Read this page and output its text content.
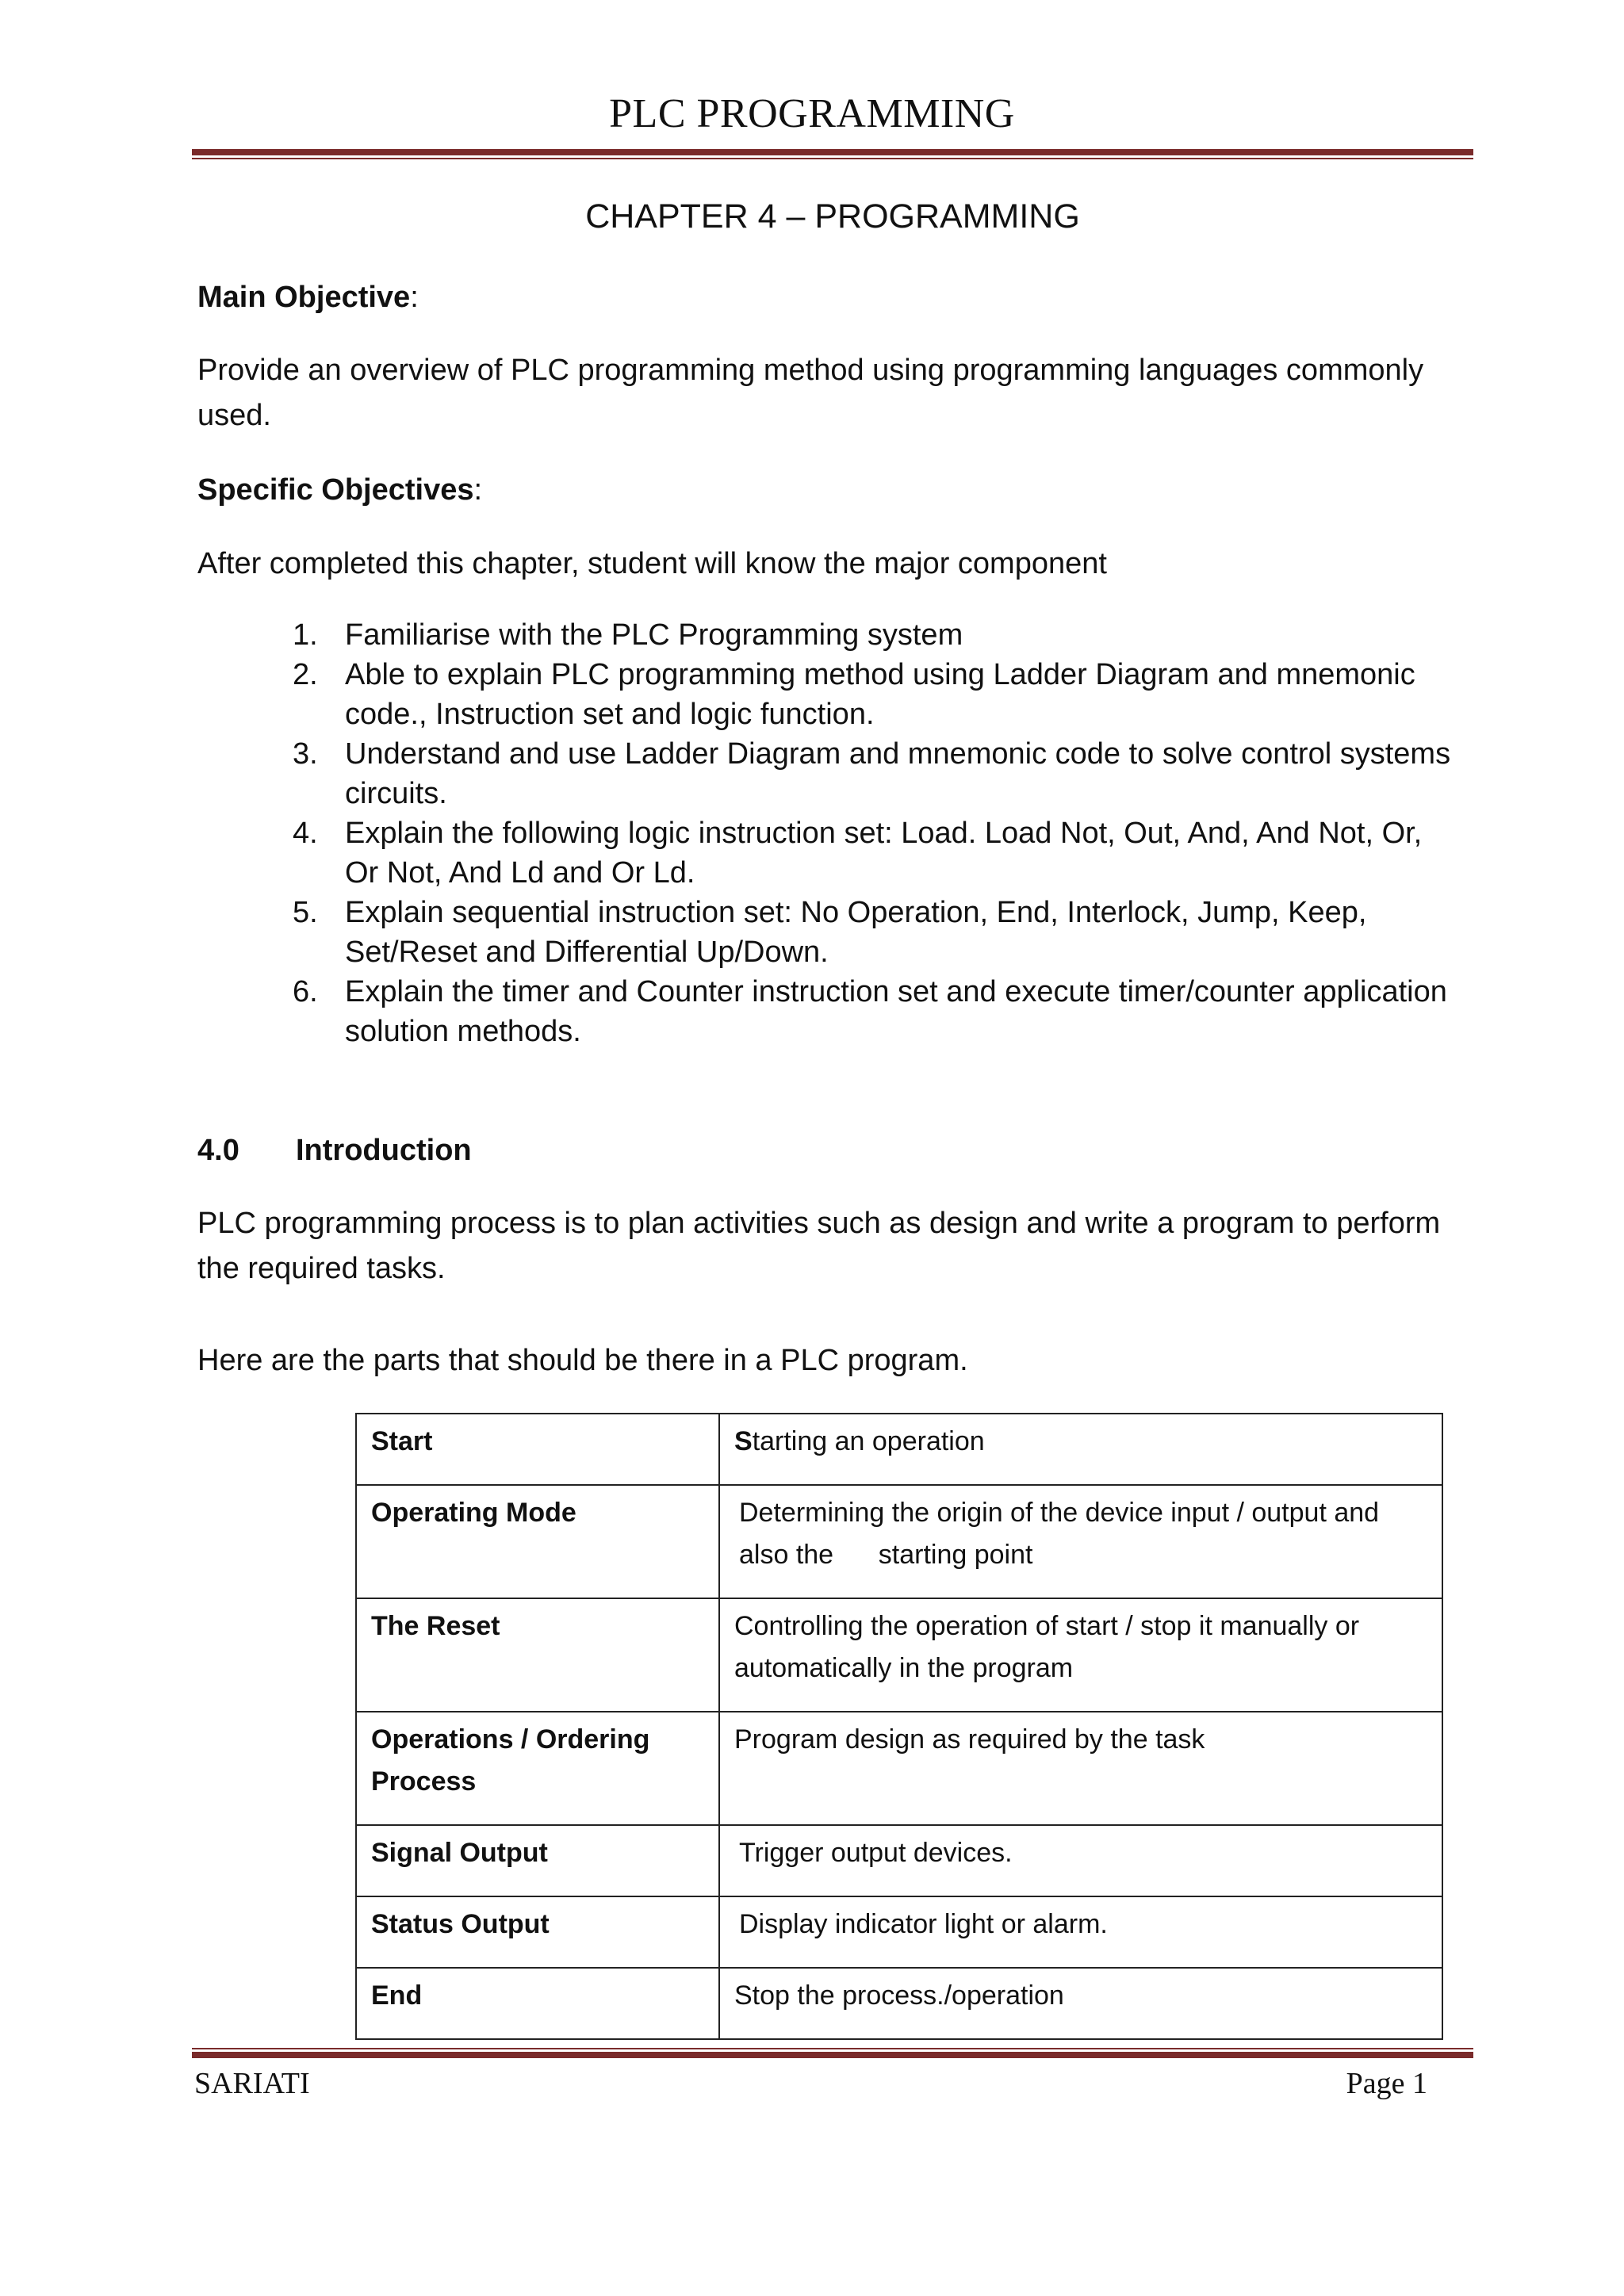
PLC PROGRAMMING
CHAPTER 4 – PROGRAMMING
Main Objective:
Provide an overview of PLC programming method using programming languages commonly
used.
Specific Objectives:
After completed this chapter, student will know the major component
1. Familiarise with the PLC Programming system
2. Able to explain PLC programming method using Ladder Diagram and mnemonic
code., Instruction set and logic function.
3. Understand and use Ladder Diagram and mnemonic code to solve control systems
circuits.
4. Explain the following logic instruction set: Load. Load Not, Out, And, And Not, Or,
Or Not, And Ld and Or Ld.
5. Explain sequential instruction set: No Operation, End, Interlock, Jump, Keep,
Set/Reset and Differential Up/Down.
6. Explain the timer and Counter instruction set and execute timer/counter application
solution methods.
4.0 Introduction
PLC programming process is to plan activities such as design and write a program to perform
the required tasks.
Here are the parts that should be there in a PLC program.
Start	Starting an operation
Operating Mode	Determining the origin of the device input / output and
also the      starting point

The Reset	Controlling the operation of start / stop it manually or
automatically in the program

Operations / Ordering
Process	Program design as required by the task
Signal Output	Trigger output devices.
Status Output	Display indicator light or alarm.
End	Stop the process./operation
SARIATI	Page 1
